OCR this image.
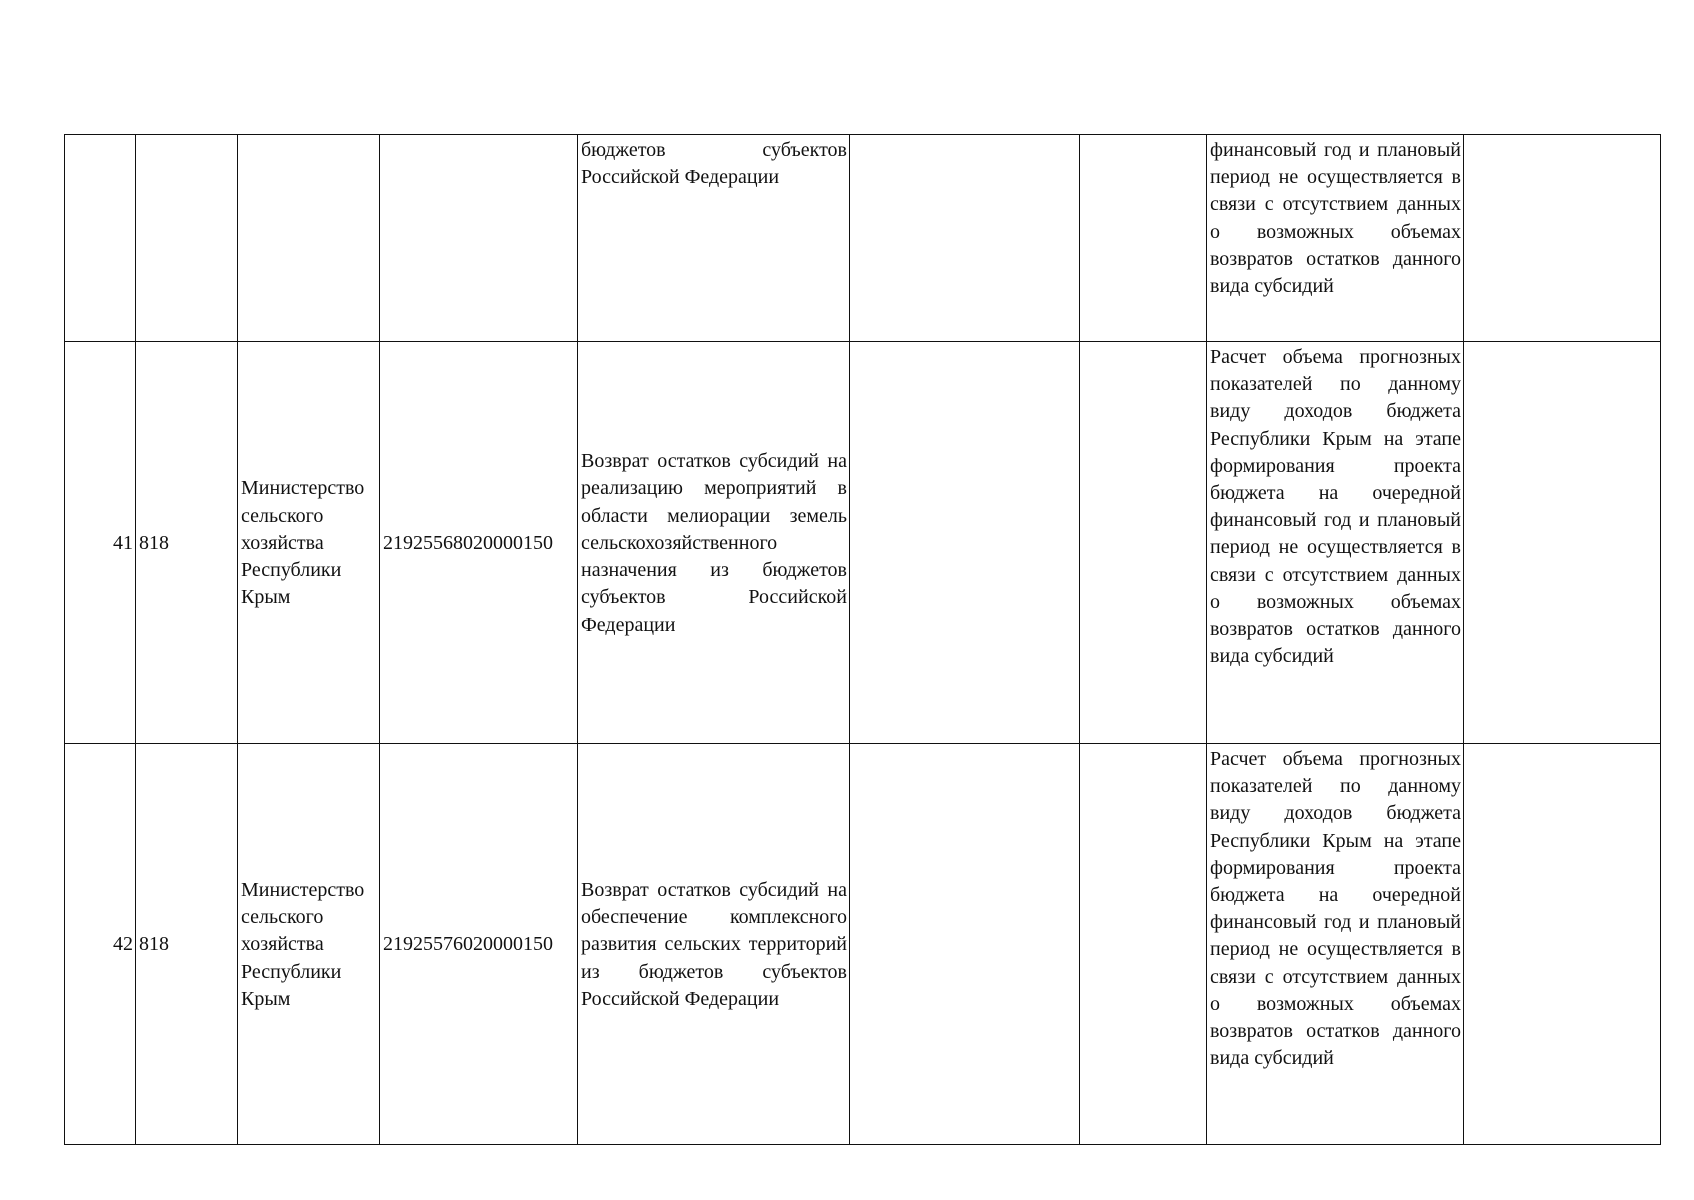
				бюджетов субъектов Российской Федерации			финансовый год и плановый период не осуществляется в связи с отсутствием данных о возможных объемах возвратов остатков данного вида субсидий	
41	818	Министерство сельского хозяйства Республики Крым	21925568020000150	Возврат остатков субсидий на реализацию мероприятий в области мелиорации земель сельскохозяйственного назначения из бюджетов субъектов Российской Федерации			Расчет объема прогнозных показателей по данному виду доходов бюджета Республики Крым на этапе формирования проекта бюджета на очередной финансовый год и плановый период не осуществляется в связи с отсутствием данных о возможных объемах возвратов остатков данного вида субсидий	
42	818	Министерство сельского хозяйства Республики Крым	21925576020000150	Возврат остатков субсидий на обеспечение комплексного развития сельских территорий из бюджетов субъектов Российской Федерации			Расчет объема прогнозных показателей по данному виду доходов бюджета Республики Крым на этапе формирования проекта бюджета на очередной финансовый год и плановый период не осуществляется в связи с отсутствием данных о возможных объемах возвратов остатков данного вида субсидий	
